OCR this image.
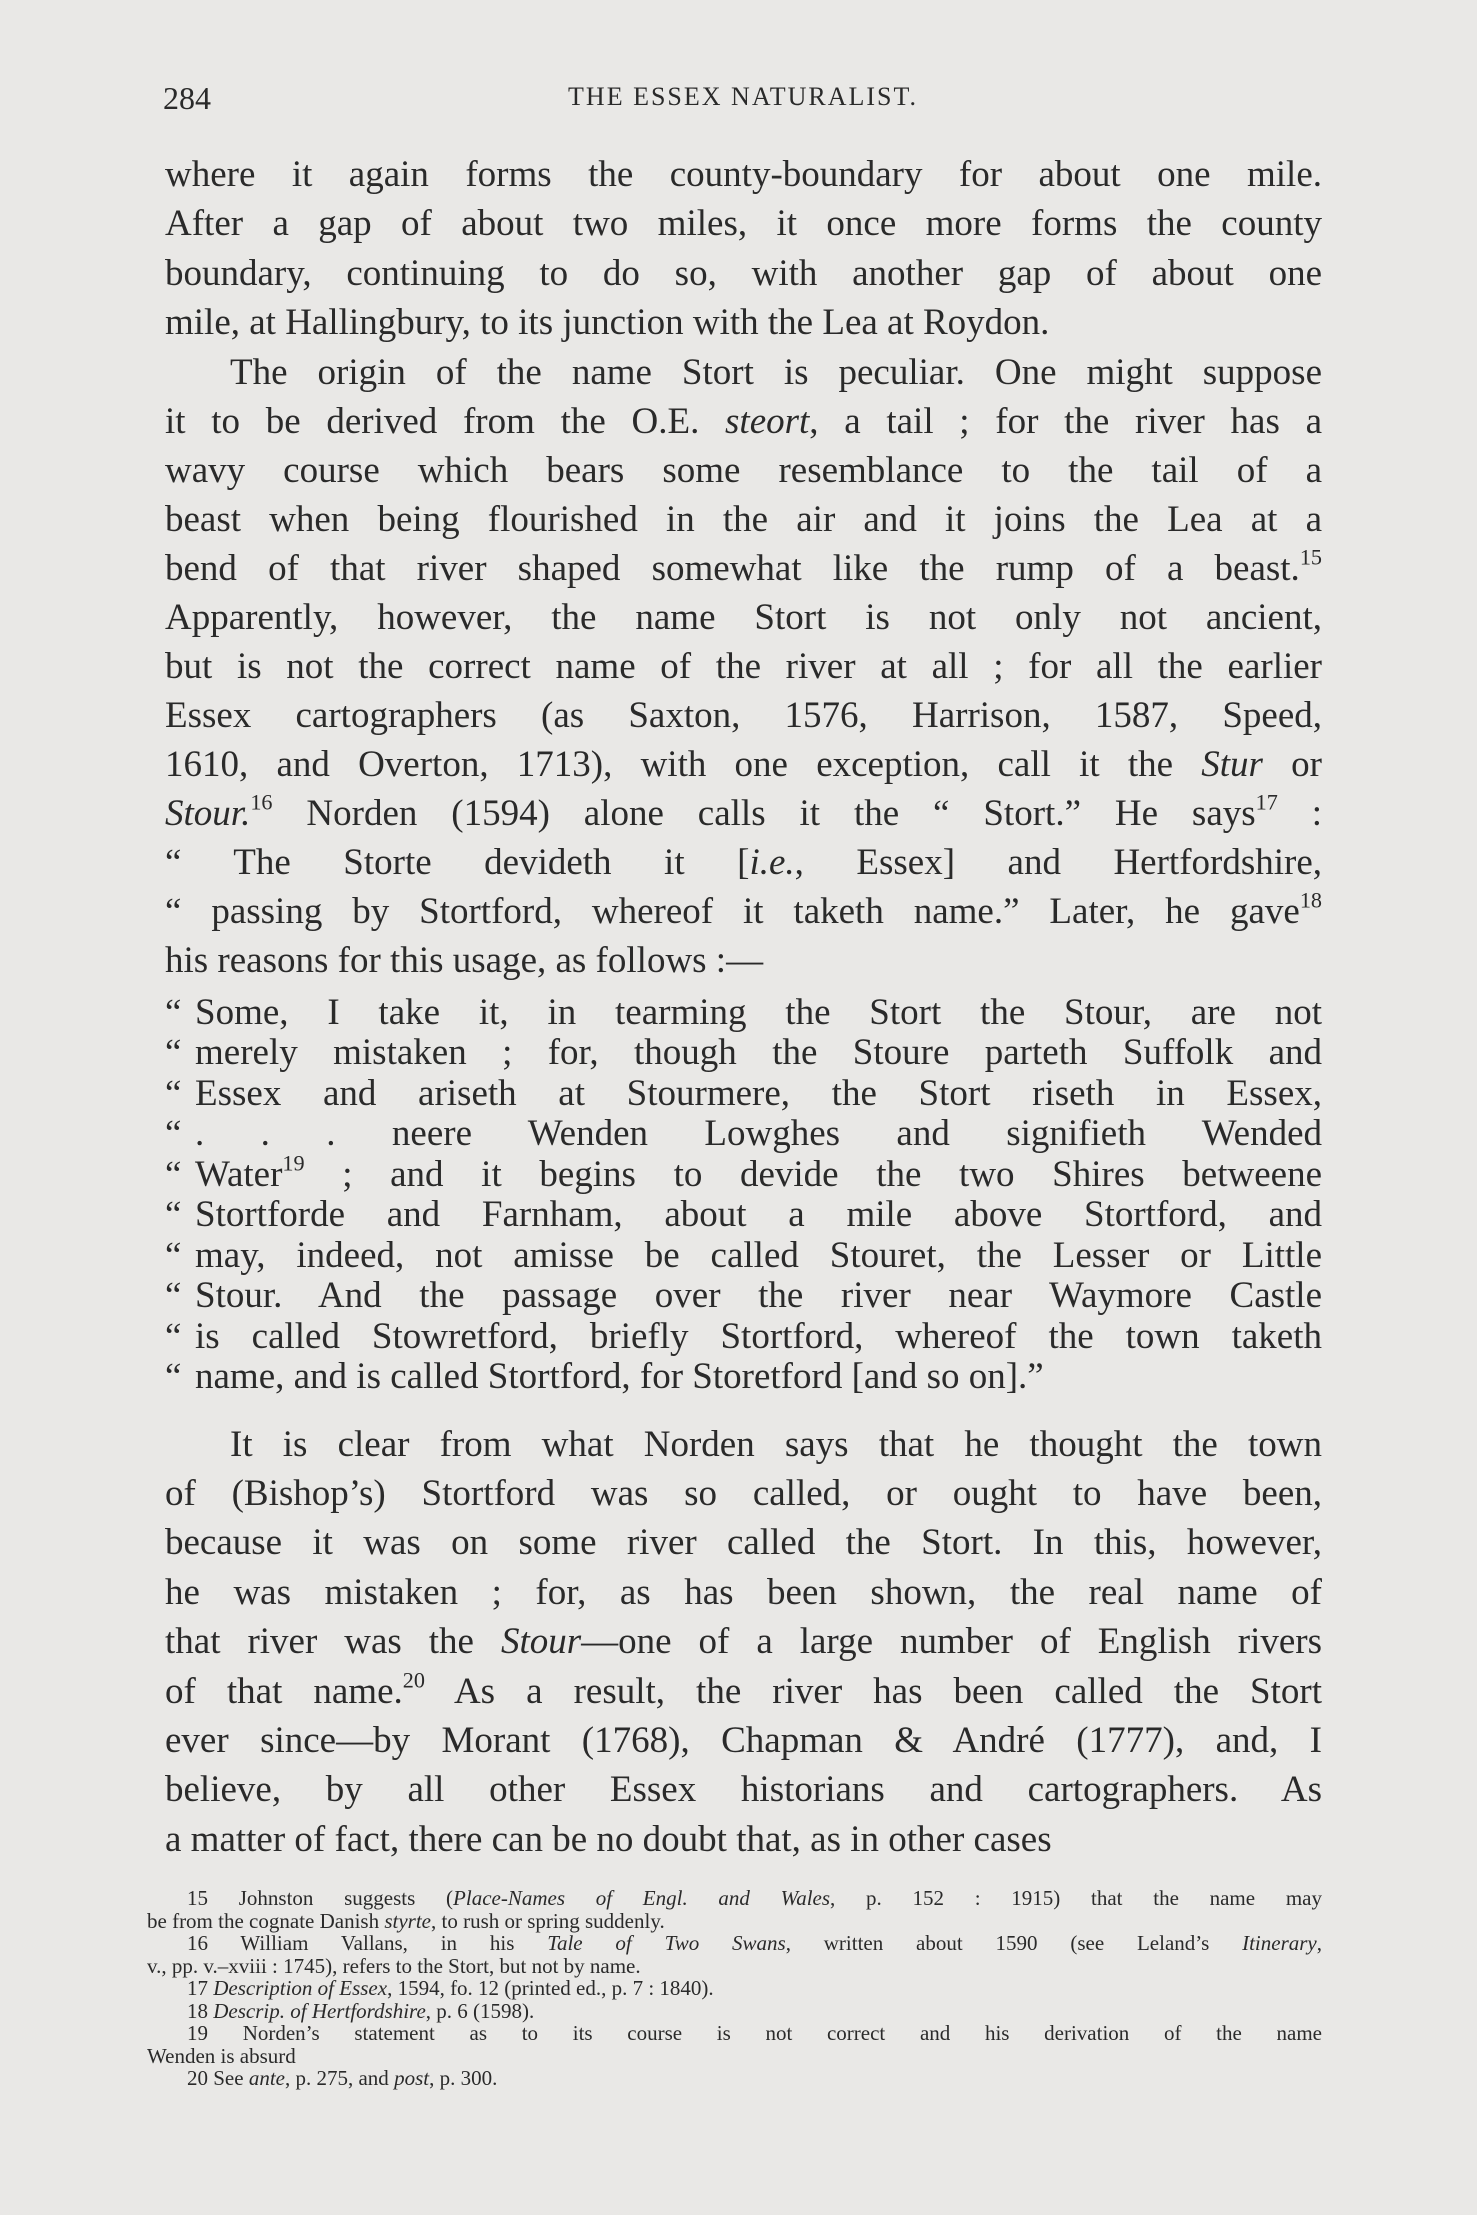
284	THE ESSEX NATURALIST.
where it again forms the county-boundary for about one mile.
After a gap of about two miles, it once more forms the county
boundary, continuing to do so, with another gap of about one
mile, at Hallingbury, to its junction with the Lea at Roydon.
The origin of the name Stort is peculiar. One might suppose
it to be derived from the O.E. steort, a tail ; for the river has a
wavy course which bears some resemblance to the tail of a
beast when being flourished in the air and it joins the Lea at a
bend of that river shaped somewhat like the rump of a beast.$^{15}$
Apparently, however, the name Stort is not only not ancient,
but is not the correct name of the river at all ; for all the earlier
Essex cartographers (as Saxton, 1576, Harrison, 1587, Speed,
1610, and Overton, 1713), with one exception, call it the Stur or
Stour.$^{16}$ Norden (1594) alone calls it the “ Stort.” He says$^{17}$ :
“ The Storte devideth it [i.e., Essex] and Hertfordshire,
“ passing by Stortford, whereof it taketh name.” Later, he gave$^{18}$
his reasons for this usage, as follows :—
“ Some, I take it, in tearming the Stort the Stour, are not
“ merely mistaken ; for, though the Stoure parteth Suffolk and
“ Essex and ariseth at Stourmere, the Stort riseth in Essex,
“ . . . neere Wenden Lowghes and signifieth Wended
“ Water$^{19}$ ; and it begins to devide the two Shires betweene
“ Stortforde and Farnham, about a mile above Stortford, and
“ may, indeed, not amisse be called Stouret, the Lesser or Little
“ Stour. And the passage over the river near Waymore Castle
“ is called Stowretford, briefly Stortford, whereof the town taketh
“ name, and is called Stortford, for Storetford [and so on].”
It is clear from what Norden says that he thought the town
of (Bishop’s) Stortford was so called, or ought to have been,
because it was on some river called the Stort. In this, however,
he was mistaken ; for, as has been shown, the real name of
that river was the Stour—one of a large number of English rivers
of that name.$^{20}$ As a result, the river has been called the Stort
ever since—by Morant (1768), Chapman & André (1777), and, I
believe, by all other Essex historians and cartographers. As
a matter of fact, there can be no doubt that, as in other cases
15 Johnston suggests (Place-Names of Engl. and Wales, p. 152 : 1915) that the name may
be from the cognate Danish styrte, to rush or spring suddenly.
16 William Vallans, in his Tale of Two Swans, written about 1590 (see Leland’s Itinerary,
v., pp. v.–xviii : 1745), refers to the Stort, but not by name.
17 Description of Essex, 1594, fo. 12 (printed ed., p. 7 : 1840).
18 Descrip. of Hertfordshire, p. 6 (1598).
19 Norden’s statement as to its course is not correct and his derivation of the name
Wenden is absurd
20 See ante, p. 275, and post, p. 300.
